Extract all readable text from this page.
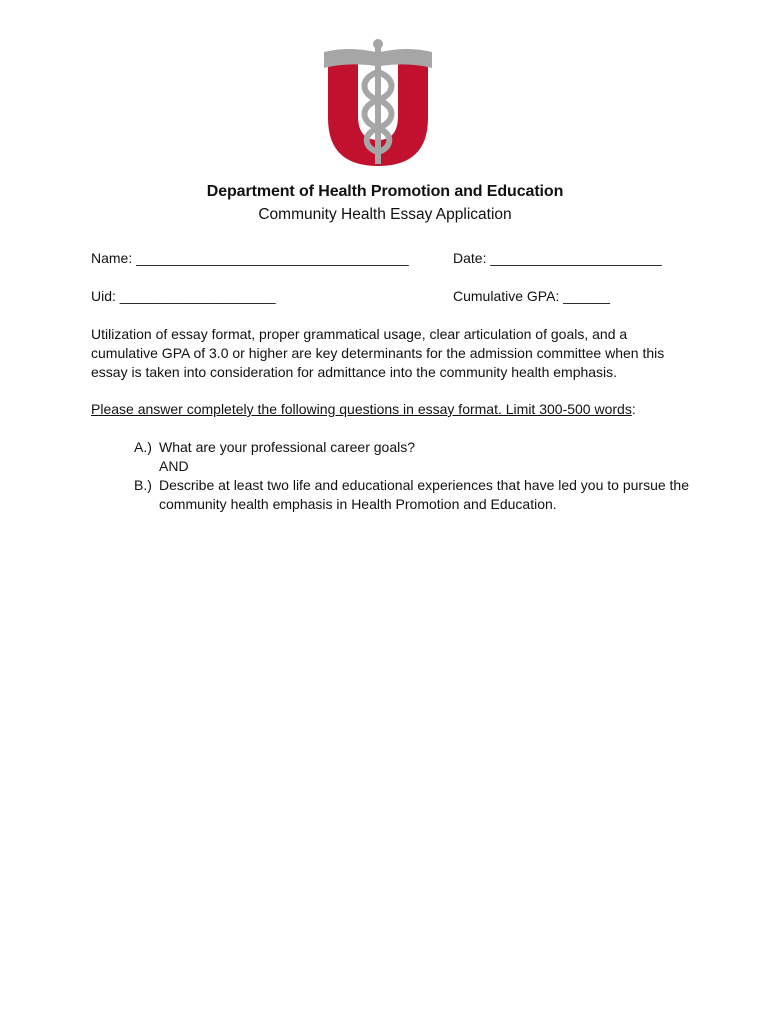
Department of Health Promotion and Education
Community Health Essay Application
Name: ___________________________________	Date: ______________________
Uid: ____________________	Cumulative GPA: ______
Utilization of essay format, proper grammatical usage, clear articulation of goals, and a cumulative GPA of 3.0 or higher are key determinants for the admission committee when this essay is taken into consideration for admittance into the community health emphasis.
Please answer completely the following questions in essay format. Limit 300-500 words:
A.) What are your professional career goals?
AND
B.) Describe at least two life and educational experiences that have led you to pursue the community health emphasis in Health Promotion and Education.
